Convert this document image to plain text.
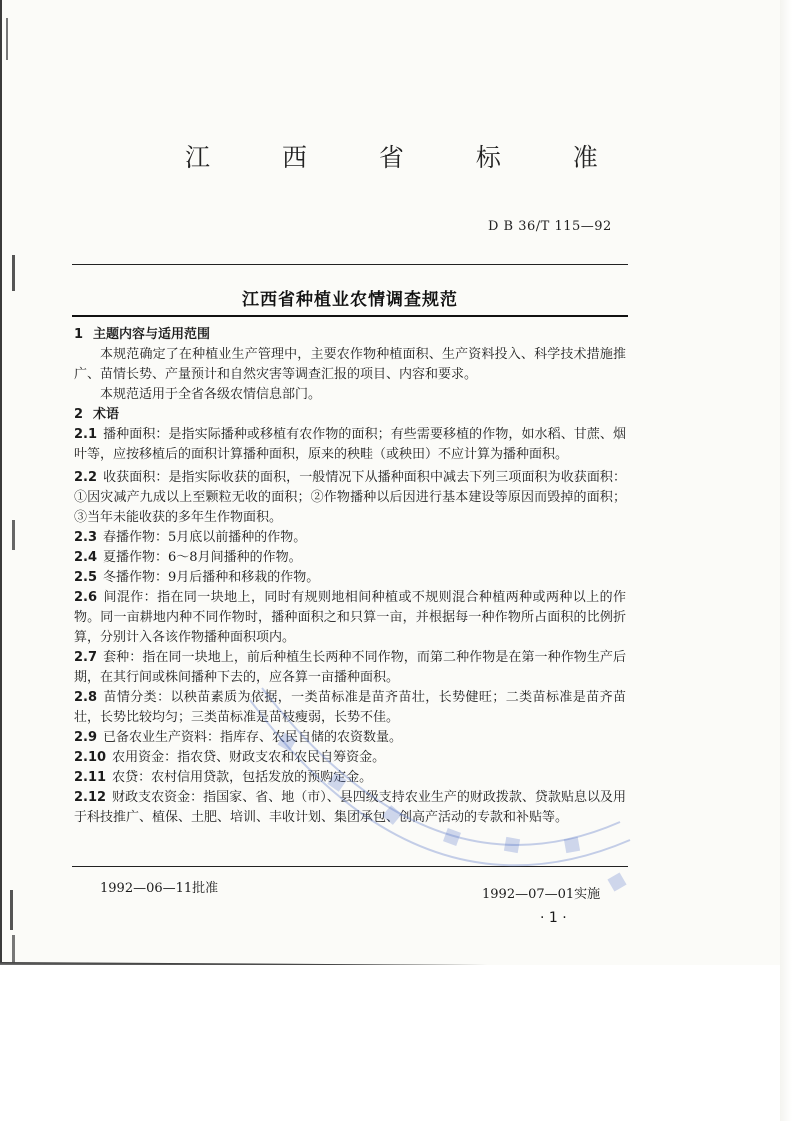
江 西 省 标 准
D B 36/T 115—92
江西省种植业农情调查规范

1 主题内容与适用范围

本规范确定了在种植业生产管理中，主要农作物种植面积、生产资料投入、科学技术措施推广、苗情长势、产量预计和自然灾害等调查汇报的项目、内容和要求。

本规范适用于全省各级农情信息部门。

2 术语

2.1 播种面积：是指实际播种或移植有农作物的面积；有些需要移植的作物，如水稻、甘蔗、烟叶等，应按移植后的面积计算播种面积，原来的秧畦（或秧田）不应计算为播种面积。

2.2 收获面积：是指实际收获的面积，一般情况下从播种面积中减去下列三项面积为收获面积：①因灾减产九成以上至颗粒无收的面积；②作物播种以后因进行基本建设等原因而毁掉的面积；③当年未能收获的多年生作物面积。

2.3 春播作物：5月底以前播种的作物。

2.4 夏播作物：6～8月间播种的作物。

2.5 冬播作物：9月后播种和移栽的作物。

2.6 间混作：指在同一块地上，同时有规则地相间种植或不规则混合种植两种或两种以上的作物。同一亩耕地内种不同作物时，播种面积之和只算一亩，并根据每一种作物所占面积的比例折算，分别计入各该作物播种面积项内。

2.7 套种：指在同一块地上，前后种植生长两种不同作物，而第二种作物是在第一种作物生产后期，在其行间或株间播种下去的，应各算一亩播种面积。

2.8 苗情分类：以秧苗素质为依据，一类苗标准是苗齐苗壮，长势健旺；二类苗标准是苗齐苗壮，长势比较均匀；三类苗标准是苗枝瘦弱，长势不佳。

2.9 已备农业生产资料：指库存、农民自储的农资数量。

2.10 农用资金：指农贷、财政支农和农民自筹资金。

2.11 农贷：农村信用贷款，包括发放的预购定金。

2.12 财政支农资金：指国家、省、地（市）、县四级支持农业生产的财政拨款、贷款贴息以及用于科技推广、植保、土肥、培训、丰收计划、集团承包、创高产活动的专款和补贴等。

1992—06—11批准	1992—07—01实施
· 1 ·
